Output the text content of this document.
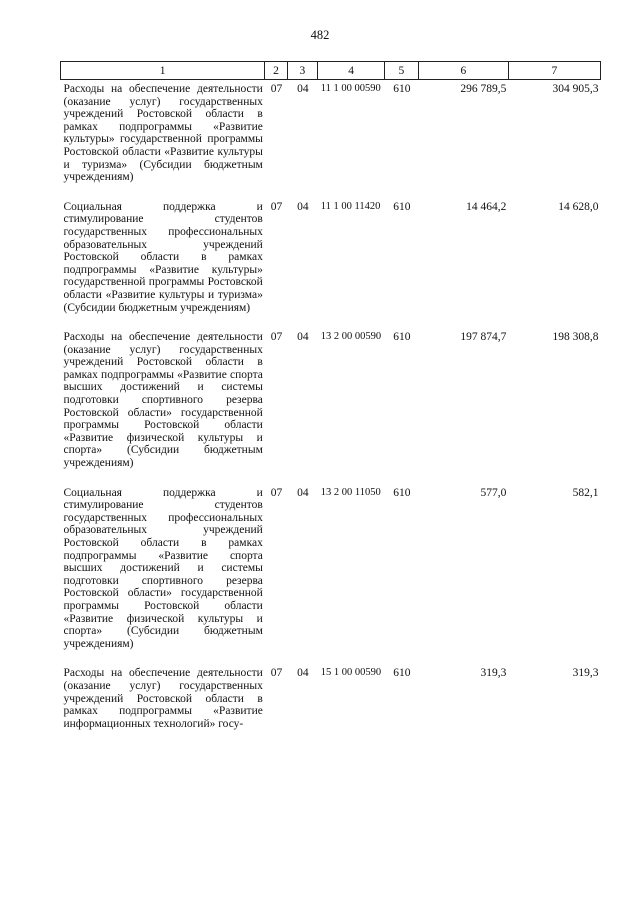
482
1	2	3	4	5	6	7
Расходы на обеспечение деятельности (оказание услуг) государственных учреждений Ростовской области в рамках подпрограммы «Развитие культуры» государственной программы Ростовской области «Развитие культуры и туризма» (Субсидии бюджетным учреждениям)	07	04	11 1 00 00590	610	296 789,5	304 905,3
Социальная поддержка и стимулирование студентов государственных профессиональных образовательных учреждений Ростовской области в рамках подпрограммы «Развитие культуры» государственной программы Ростовской области «Развитие культуры и туризма» (Субсидии бюджетным учреждениям)	07	04	11 1 00 11420	610	14 464,2	14 628,0
Расходы на обеспечение деятельности (оказание услуг) государственных учреждений Ростовской области в рамках подпрограммы «Развитие спорта высших достижений и системы подготовки спортивного резерва Ростовской области» государственной программы Ростовской области «Развитие физической культуры и спорта» (Субсидии бюджетным учреждениям)	07	04	13 2 00 00590	610	197 874,7	198 308,8
Социальная поддержка и стимулирование студентов государственных профессиональных образовательных учреждений Ростовской области в рамках подпрограммы «Развитие спорта высших достижений и системы подготовки спортивного резерва Ростовской области» государственной программы Ростовской области «Развитие физической культуры и спорта» (Субсидии бюджетным учреждениям)	07	04	13 2 00 11050	610	577,0	582,1
Расходы на обеспечение деятельности (оказание услуг) государственных учреждений Ростовской области в рамках подпрограммы «Развитие информационных технологий» госу-	07	04	15 1 00 00590	610	319,3	319,3
